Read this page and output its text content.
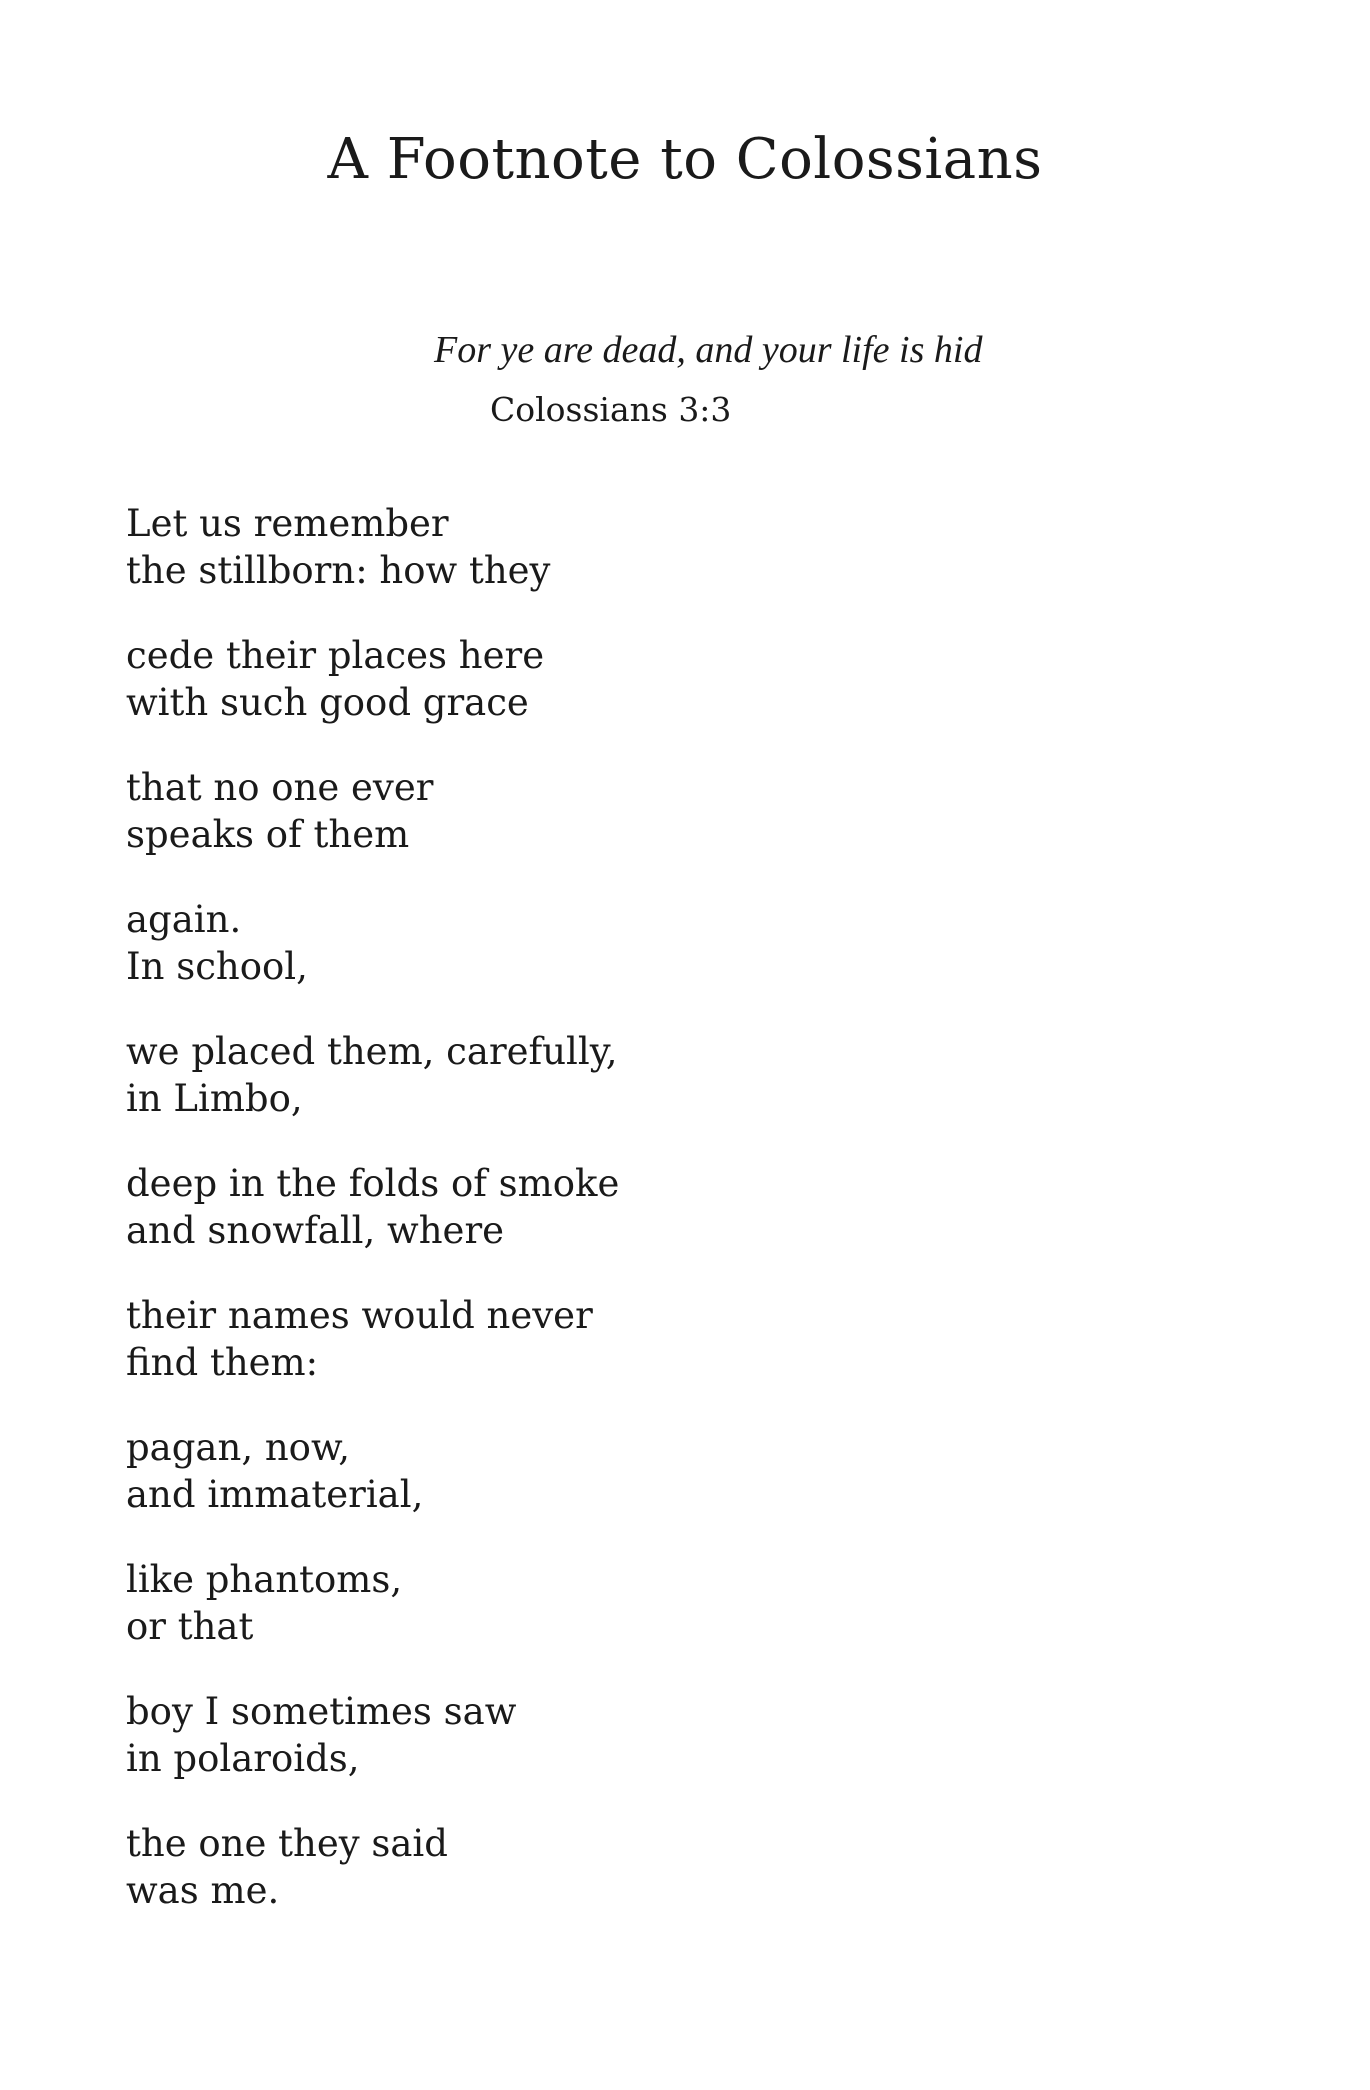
A Footnote to Colossians
For ye are dead, and your life is hid
Colossians 3:3
Let us remember
the stillborn: how they
cede their places here
with such good grace
that no one ever
speaks of them
again.
In school,
we placed them, carefully,
in Limbo,
deep in the folds of smoke
and snowfall, where
their names would never
find them:
pagan, now,
and immaterial,
like phantoms,
or that
boy I sometimes saw
in polaroids,
the one they said
was me.
